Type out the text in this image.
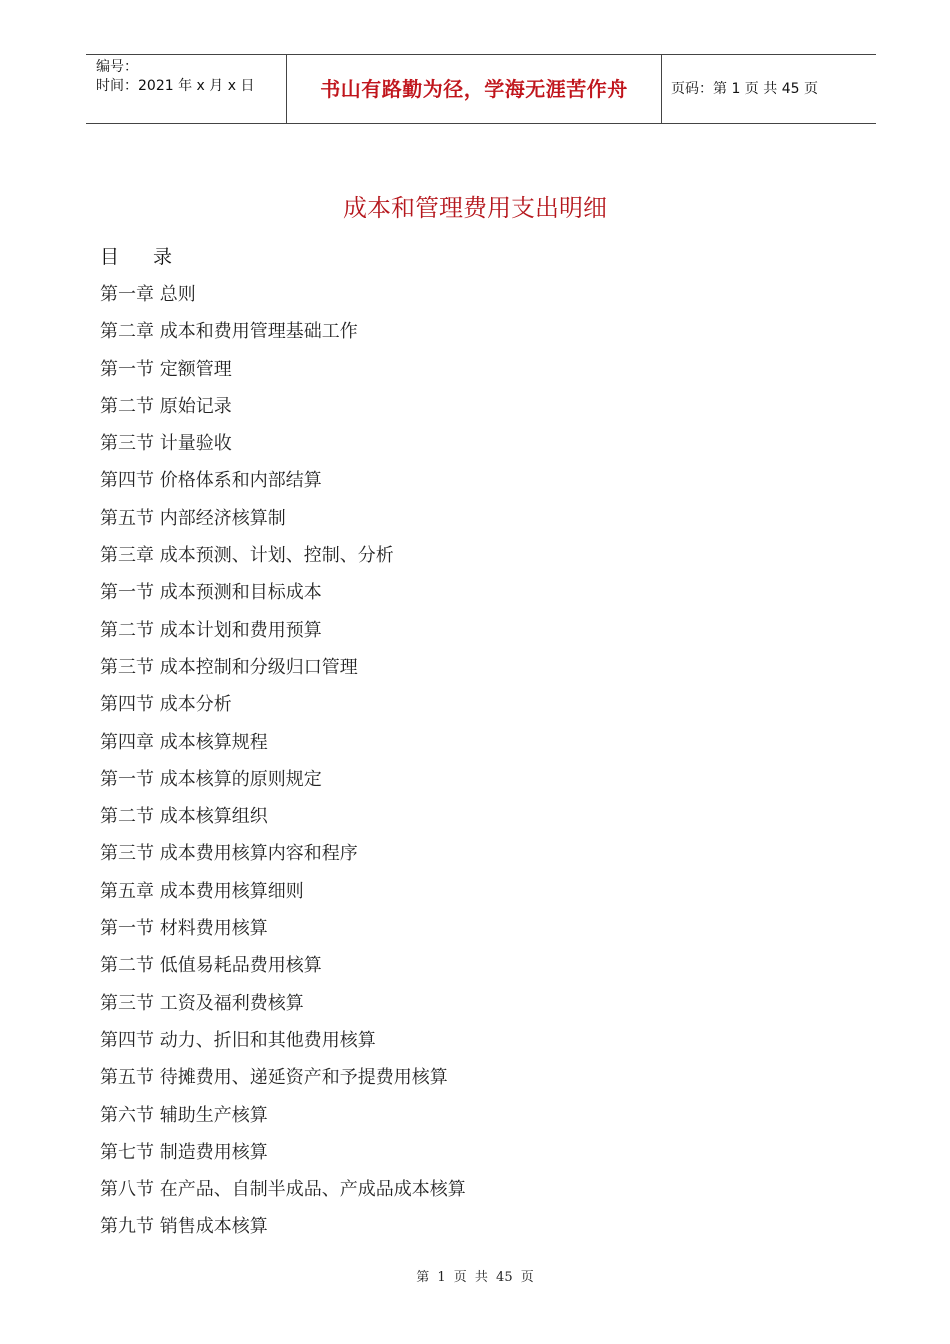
编号：
时间：2021 年 x 月 x 日	书山有路勤为径，学海无涯苦作舟	页码：第 1 页 共 45 页
成本和管理费用支出明细
目 录
第一章 总则
第二章 成本和费用管理基础工作
第一节 定额管理
第二节 原始记录
第三节 计量验收
第四节 价格体系和内部结算
第五节 内部经济核算制
第三章 成本预测、计划、控制、分析
第一节 成本预测和目标成本
第二节 成本计划和费用预算
第三节 成本控制和分级归口管理
第四节 成本分析
第四章 成本核算规程
第一节 成本核算的原则规定
第二节 成本核算组织
第三节 成本费用核算内容和程序
第五章 成本费用核算细则
第一节 材料费用核算
第二节 低值易耗品费用核算
第三节 工资及福利费核算
第四节 动力、折旧和其他费用核算
第五节 待摊费用、递延资产和予提费用核算
第六节 辅助生产核算
第七节 制造费用核算
第八节 在产品、自制半成品、产成品成本核算
第九节 销售成本核算
第 1 页 共 45 页
